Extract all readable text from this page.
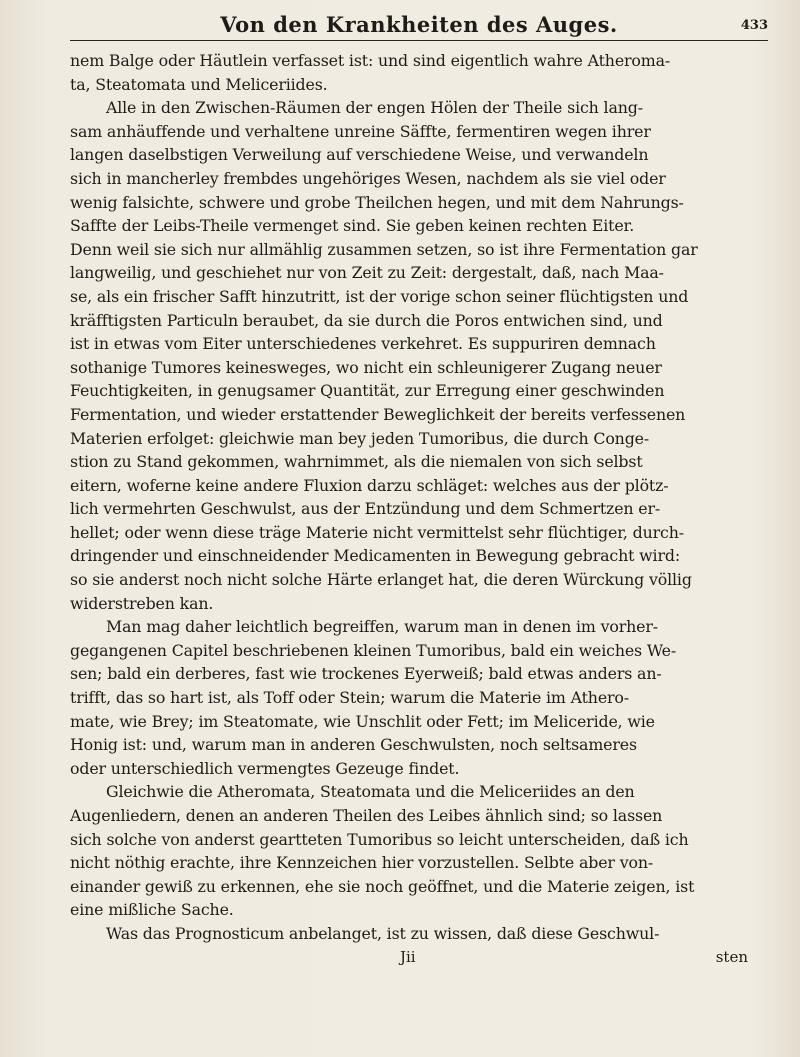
Von den Krankheiten des Auges.	433
nem Balge oder Häutlein verfasset ist: und sind eigentlich wahre Atheroma-
ta, Steatomata und Meliceriides.
Alle in den Zwischen-Räumen der engen Hölen der Theile sich lang-
sam anhäuffende und verhaltene unreine Säffte, fermentiren wegen ihrer
langen daselbstigen Verweilung auf verschiedene Weise, und verwandeln
sich in mancherley frembdes ungehöriges Wesen, nachdem als sie viel oder
wenig falsichte, schwere und grobe Theilchen hegen, und mit dem Nahrungs-
Saffte der Leibs-Theile vermenget sind. Sie geben keinen rechten Eiter.
Denn weil sie sich nur allmählig zusammen setzen, so ist ihre Fermentation gar
langweilig, und geschiehet nur von Zeit zu Zeit: dergestalt, daß, nach Maa-
se, als ein frischer Safft hinzutritt, ist der vorige schon seiner flüchtigsten und
kräfftigsten Particuln beraubet, da sie durch die Poros entwichen sind, und
ist in etwas vom Eiter unterschiedenes verkehret. Es suppuriren demnach
sothanige Tumores keinesweges, wo nicht ein schleunigerer Zugang neuer
Feuchtigkeiten, in genugsamer Quantität, zur Erregung einer geschwinden
Fermentation, und wieder erstattender Beweglichkeit der bereits verfessenen
Materien erfolget: gleichwie man bey jeden Tumoribus, die durch Conge-
stion zu Stand gekommen, wahrnimmet, als die niemalen von sich selbst
eitern, woferne keine andere Fluxion darzu schläget: welches aus der plötz-
lich vermehrten Geschwulst, aus der Entzündung und dem Schmertzen er-
hellet; oder wenn diese träge Materie nicht vermittelst sehr flüchtiger, durch-
dringender und einschneidender Medicamenten in Bewegung gebracht wird:
so sie anderst noch nicht solche Härte erlanget hat, die deren Würckung völlig
widerstreben kan.
Man mag daher leichtlich begreiffen, warum man in denen im vorher-
gegangenen Capitel beschriebenen kleinen Tumoribus, bald ein weiches We-
sen; bald ein derberes, fast wie trockenes Eyerweiß; bald etwas anders an-
trifft, das so hart ist, als Toff oder Stein; warum die Materie im Athero-
mate, wie Brey; im Steatomate, wie Unschlit oder Fett; im Meliceride, wie
Honig ist: und, warum man in anderen Geschwulsten, noch seltsameres
oder unterschiedlich vermengtes Gezeuge findet.
Gleichwie die Atheromata, Steatomata und die Meliceriides an den
Augenliedern, denen an anderen Theilen des Leibes ähnlich sind; so lassen
sich solche von anderst geartteten Tumoribus so leicht unterscheiden, daß ich
nicht nöthig erachte, ihre Kennzeichen hier vorzustellen. Selbte aber von-
einander gewiß zu erkennen, ehe sie noch geöffnet, und die Materie zeigen, ist
eine mißliche Sache.
Was das Prognosticum anbelanget, ist zu wissen, daß diese Geschwul-
Jii	sten
